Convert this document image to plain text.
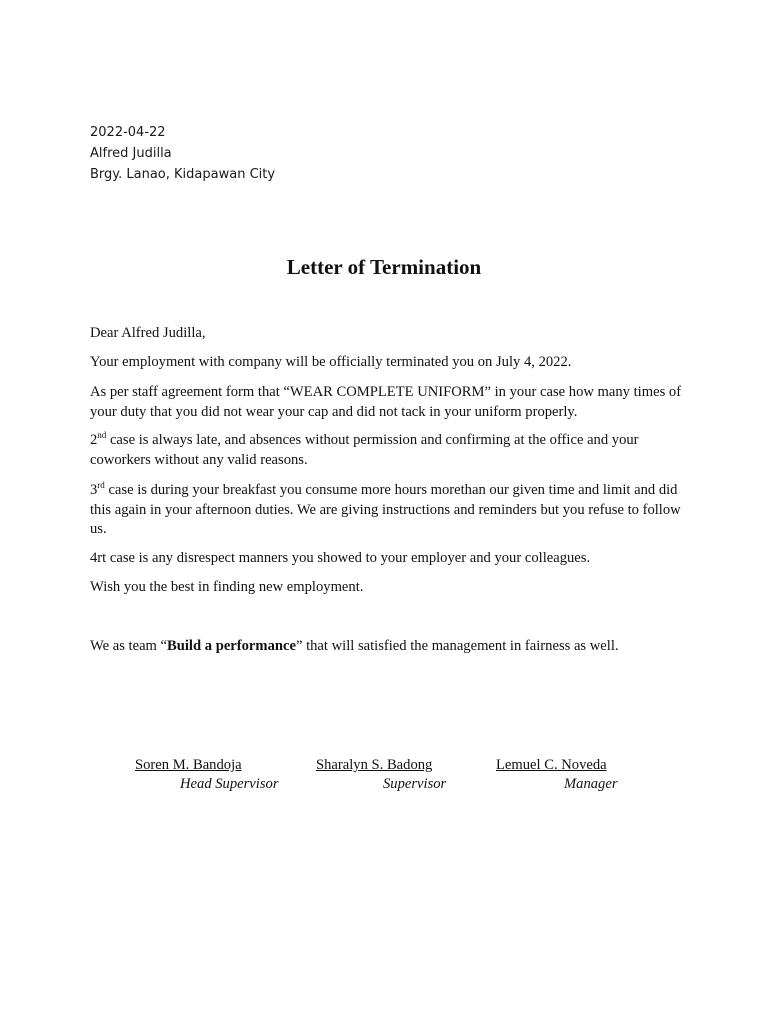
2022-04-22
Alfred Judilla
Brgy. Lanao, Kidapawan City
Letter of Termination

Dear Alfred Judilla,

Your employment with company will be officially terminated you on July 4, 2022.

As per staff agreement form that “WEAR COMPLETE UNIFORM” in your case how many times of your duty that you did not wear your cap and did not tack in your uniform properly.

2nd case is always late, and absences without permission and confirming at the office and your coworkers without any valid reasons.

3rd case is during your breakfast you consume more hours morethan our given time and limit and did this again in your afternoon duties. We are giving instructions and reminders but you refuse to follow us.

4rt case is any disrespect manners you showed to your employer and your colleagues.

Wish you the best in finding new employment.

We as team “Build a performance” that will satisfied the management in fairness as well.

Soren M. Bandoja
Head Supervisor
Sharalyn S. Badong
Supervisor
Lemuel C. Noveda
Manager
